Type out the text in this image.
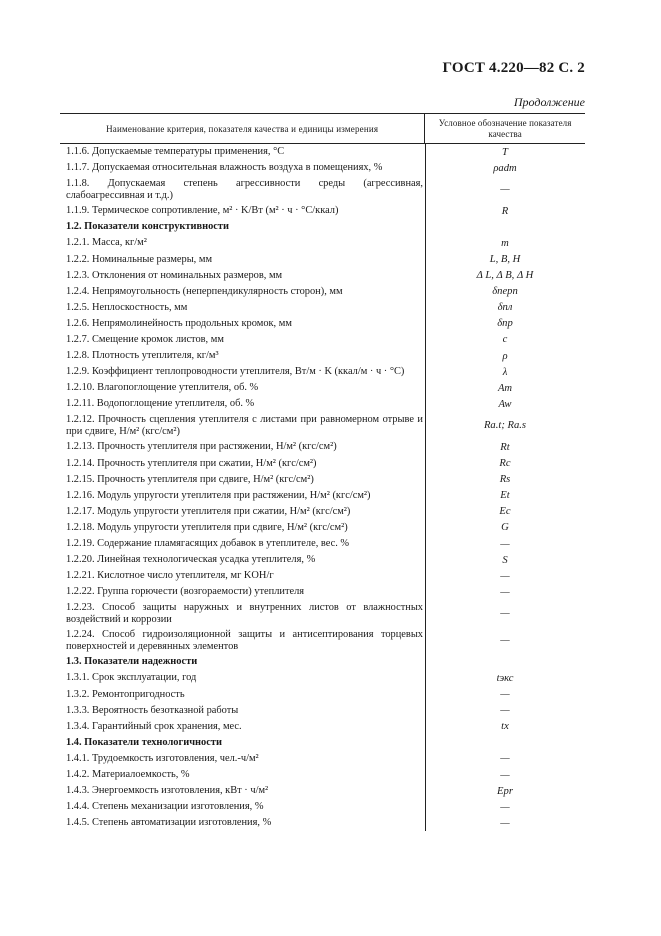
ГОСТ 4.220—82 С. 2
Продолжение
Наименование критерия, показателя качества и единицы измерения
Условное обозначение показателя качества
1.1.6. Допускаемые температуры применения, °С	T
1.1.7. Допускаемая относительная влажность воздуха в помещениях, %	ρadm
1.1.8. Допускаемая степень агрессивности среды (агрессивная, слабоагрессивная и т.д.)	—
1.1.9. Термическое сопротивление, м² · K/Вт (м² · ч · °С/ккал)	R
1.2. Показатели конструктивности
1.2.1. Масса, кг/м²	m
1.2.2. Номинальные размеры, мм	L, B, H
1.2.3. Отклонения от номинальных размеров, мм	Δ L, Δ B, Δ H
1.2.4. Непрямоугольность (неперпендикулярность сторон), мм	δперп
1.2.5. Неплоскостность, мм	δпл
1.2.6. Непрямолинейность продольных кромок, мм	δпр
1.2.7. Смещение кромок листов, мм	c
1.2.8. Плотность утеплителя, кг/м³	ρ
1.2.9. Коэффициент теплопроводности утеплителя, Вт/м · K (ккал/м · ч · °С)	λ
1.2.10. Влагопоглощение утеплителя, об. %	Am
1.2.11. Водопоглощение утеплителя, об. %	Aw
1.2.12. Прочность сцепления утеплителя с листами при равномерном отрыве и при сдвиге, Н/м² (кгс/см²)	Rа.t; Rа.s
1.2.13. Прочность утеплителя при растяжении, Н/м² (кгс/см²)	Rt
1.2.14. Прочность утеплителя при сжатии, Н/м² (кгс/см²)	Rc
1.2.15. Прочность утеплителя при сдвиге, Н/м² (кгс/см²)	Rs
1.2.16. Модуль упругости утеплителя при растяжении, Н/м² (кгс/см²)	Et
1.2.17. Модуль упругости утеплителя при сжатии, Н/м² (кгс/см²)	Ec
1.2.18. Модуль упругости утеплителя при сдвиге, Н/м² (кгс/см²)	G
1.2.19. Содержание пламягасящих добавок в утеплителе, вес. %	—
1.2.20. Линейная технологическая усадка утеплителя, %	S
1.2.21. Кислотное число утеплителя, мг KOH/г	—
1.2.22. Группа горючести (возгораемости) утеплителя	—
1.2.23. Способ защиты наружных и внутренних листов от влажностных воздействий и коррозии	—
1.2.24. Способ гидроизоляционной защиты и антисептирования торцевых поверхностей и деревянных элементов	—
1.3. Показатели надежности
1.3.1. Срок эксплуатации, год	tэкс
1.3.2. Ремонтопригодность	—
1.3.3. Вероятность безотказной работы	—
1.3.4. Гарантийный срок хранения, мес.	tх
1.4. Показатели технологичности
1.4.1. Трудоемкость изготовления, чел.-ч/м²	—
1.4.2. Материалоемкость, %	—
1.4.3. Энергоемкость изготовления, кВт · ч/м²	Epr
1.4.4. Степень механизации изготовления, %	—
1.4.5. Степень автоматизации изготовления, %	—
